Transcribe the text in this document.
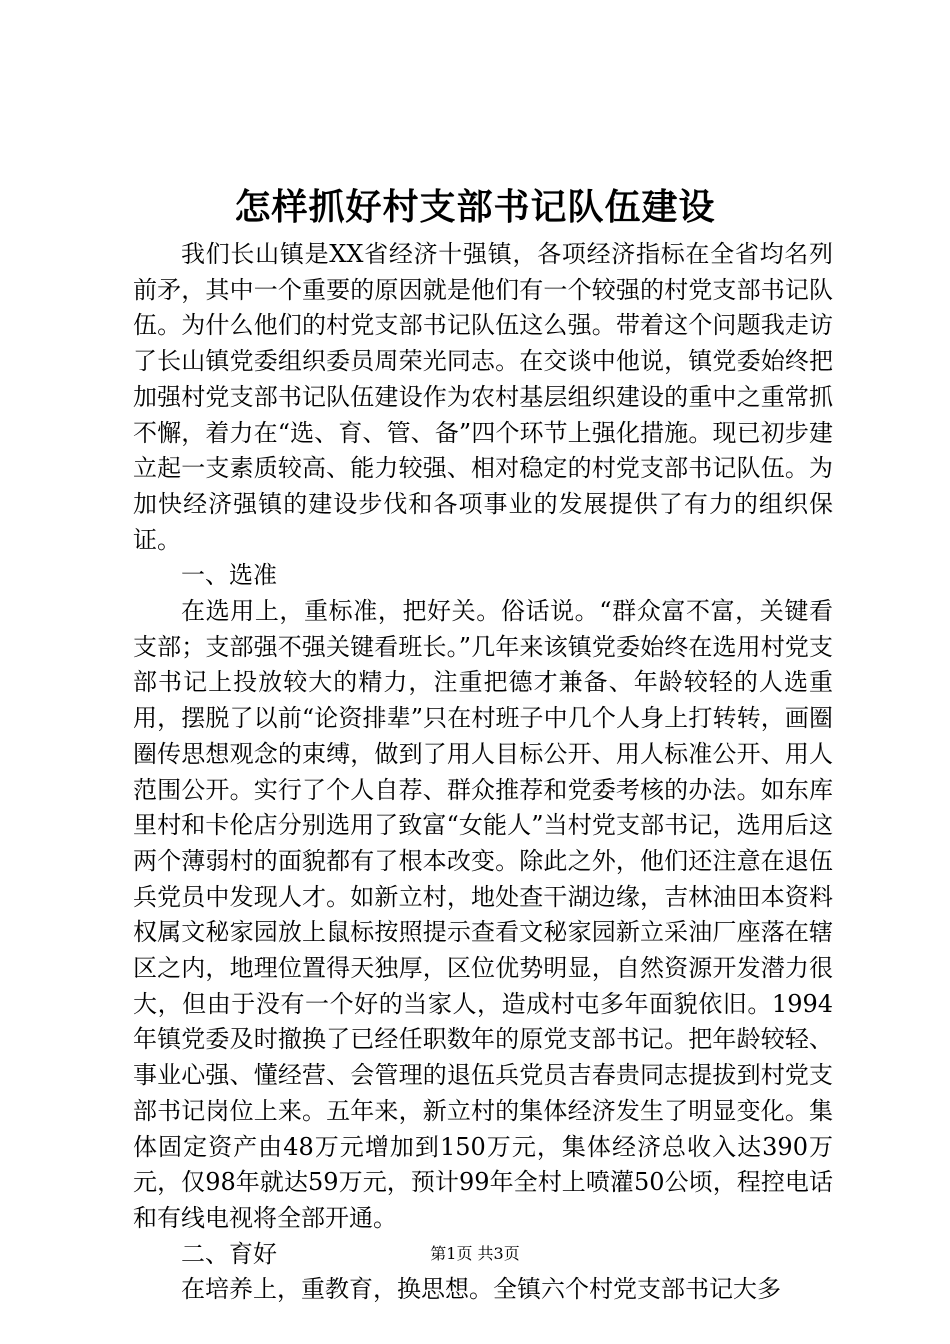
怎样抓好村支部书记队伍建设

我们长山镇是XX省经济十强镇，各项经济指标在全省均名列前矛，其中一个重要的原因就是他们有一个较强的村党支部书记队伍。为什么他们的村党支部书记队伍这么强。带着这个问题我走访了长山镇党委组织委员周荣光同志。在交谈中他说，镇党委始终把加强村党支部书记队伍建设作为农村基层组织建设的重中之重常抓不懈，着力在“选、育、管、备”四个环节上强化措施。现已初步建立起一支素质较高、能力较强、相对稳定的村党支部书记队伍。为加快经济强镇的建设步伐和各项事业的发展提供了有力的组织保证。

一、选准

在选用上，重标准，把好关。俗话说。“群众富不富，关键看支部；支部强不强关键看班长。”几年来该镇党委始终在选用村党支部书记上投放较大的精力，注重把德才兼备、年龄较轻的人选重用，摆脱了以前“论资排辈”只在村班子中几个人身上打转转，画圈圈传思想观念的束缚，做到了用人目标公开、用人标准公开、用人范围公开。实行了个人自荐、群众推荐和党委考核的办法。如东库里村和卡伦店分别选用了致富“女能人”当村党支部书记，选用后这两个薄弱村的面貌都有了根本改变。除此之外，他们还注意在退伍兵党员中发现人才。如新立村，地处查干湖边缘，吉林油田本资料权属文秘家园放上鼠标按照提示查看文秘家园新立采油厂座落在辖区之内，地理位置得天独厚，区位优势明显，自然资源开发潜力很大，但由于没有一个好的当家人，造成村屯多年面貌依旧。1994年镇党委及时撤换了已经任职数年的原党支部书记。把年龄较轻、事业心强、懂经营、会管理的退伍兵党员吉春贵同志提拔到村党支部书记岗位上来。五年来，新立村的集体经济发生了明显变化。集体固定资产由48万元增加到150万元，集体经济总收入达390万元，仅98年就达59万元，预计99年全村上喷灌50公顷，程控电话和有线电视将全部开通。

二、育好

在培养上，重教育，换思想。全镇六个村党支部书记大多

第1页 共3页
